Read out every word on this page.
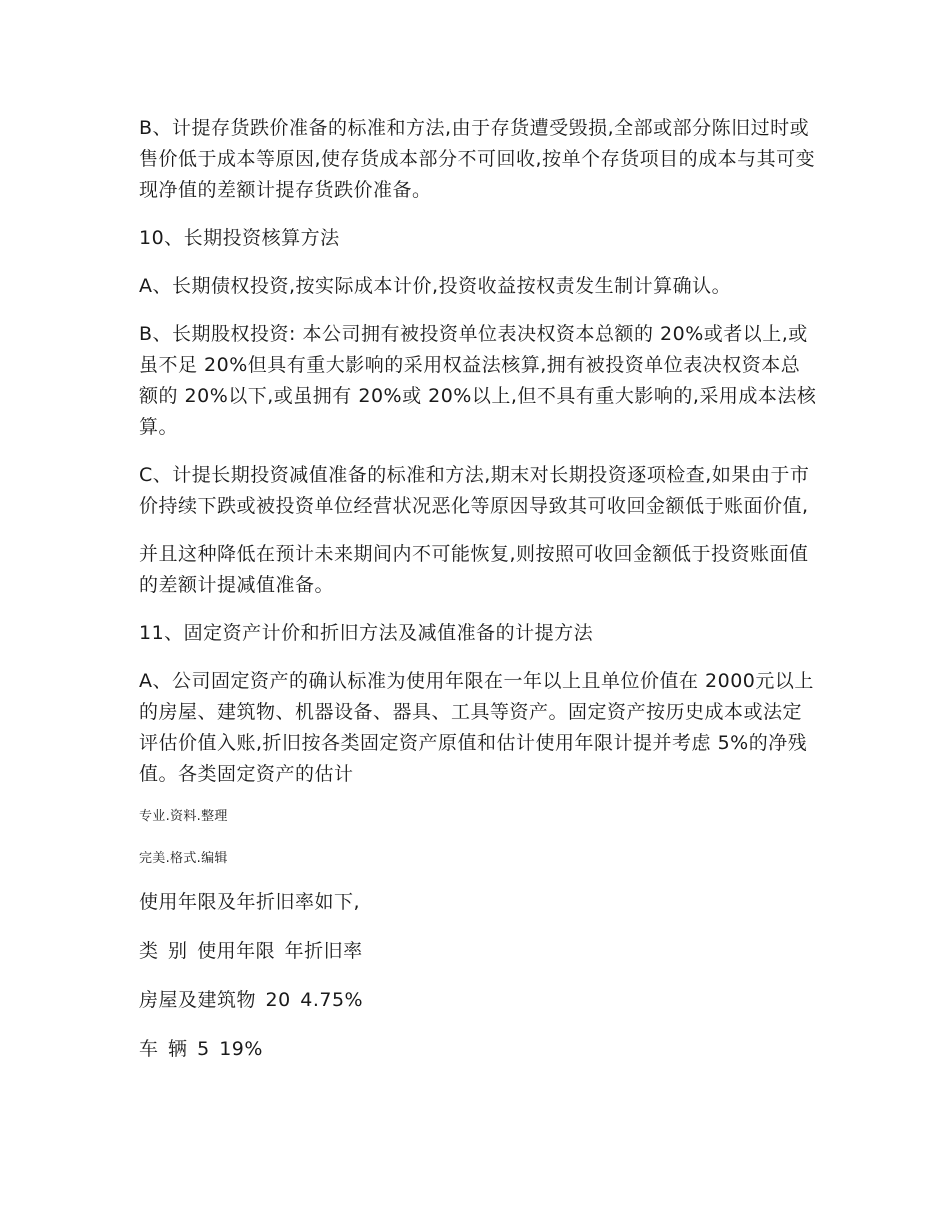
B、计提存货跌价准备的标准和方法,由于存货遭受毁损,全部或部分陈旧过时或售价低于成本等原因,使存货成本部分不可回收,按单个存货项目的成本与其可变现净值的差额计提存货跌价准备。

10、长期投资核算方法

A、长期债权投资,按实际成本计价,投资收益按权责发生制计算确认。

B、长期股权投资: 本公司拥有被投资单位表决权资本总额的 20%或者以上,或虽不足 20%但具有重大影响的采用权益法核算,拥有被投资单位表决权资本总额的 20%以下,或虽拥有 20%或 20%以上,但不具有重大影响的,采用成本法核算。

C、计提长期投资减值准备的标准和方法,期末对长期投资逐项检查,如果由于市价持续下跌或被投资单位经营状况恶化等原因导致其可收回金额低于账面价值,

并且这种降低在预计未来期间内不可能恢复,则按照可收回金额低于投资账面值的差额计提减值准备。

11、固定资产计价和折旧方法及减值准备的计提方法

A、公司固定资产的确认标准为使用年限在一年以上且单位价值在 2000元以上的房屋、建筑物、机器设备、器具、工具等资产。固定资产按历史成本或法定评估价值入账,折旧按各类固定资产原值和估计使用年限计提并考虑 5%的净残值。各类固定资产的估计

专业.资料.整理

完美.格式.编辑

使用年限及年折旧率如下,

类 别 使用年限 年折旧率

房屋及建筑物 20 4.75%

车 辆 5 19%
